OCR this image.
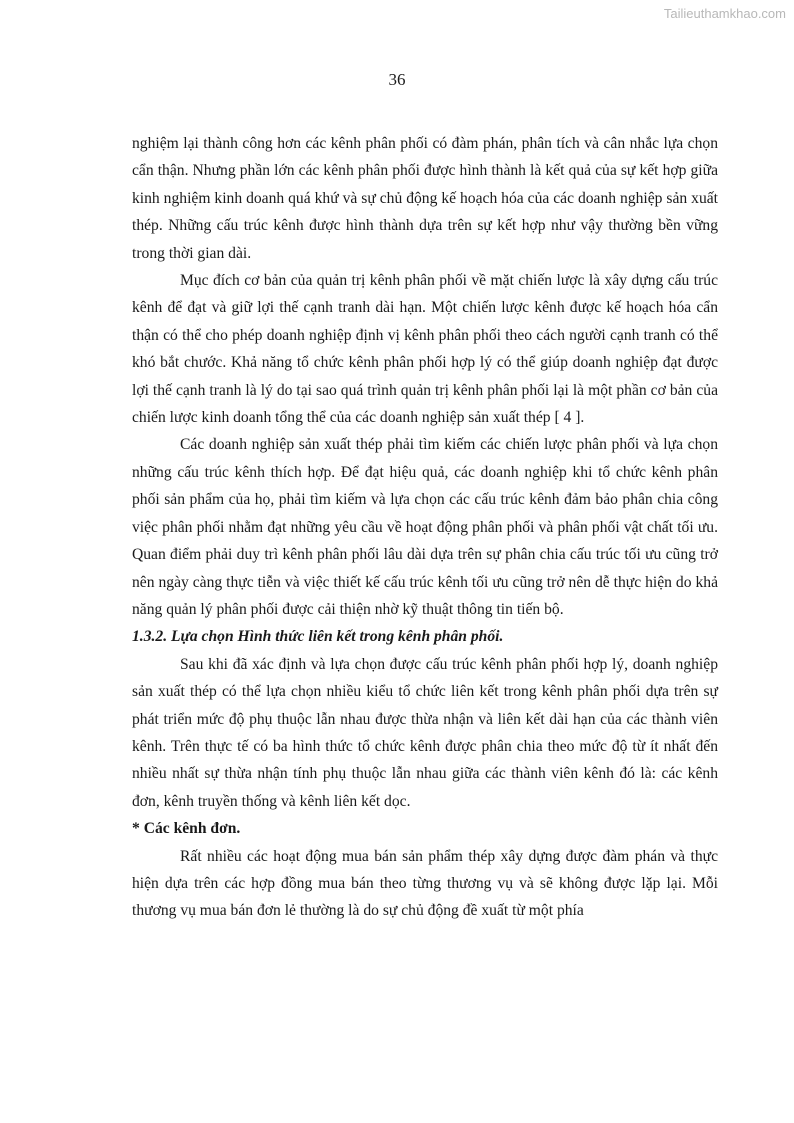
Tailieuthamkhao.com
36

nghiệm lại thành công hơn các kênh phân phối có đàm phán, phân tích và cân nhắc lựa chọn cẩn thận. Nhưng phần lớn các kênh phân phối được hình thành là kết quả của sự kết hợp giữa kinh nghiệm kinh doanh quá khứ và sự chủ động kế hoạch hóa của các doanh nghiệp sản xuất thép. Những cấu trúc kênh được hình thành dựa trên sự kết hợp như vậy thường bền vững trong thời gian dài.

Mục đích cơ bản của quản trị kênh phân phối về mặt chiến lược là xây dựng cấu trúc kênh để đạt và giữ lợi thế cạnh tranh dài hạn. Một chiến lược kênh được kế hoạch hóa cẩn thận có thể cho phép doanh nghiệp định vị kênh phân phối theo cách người cạnh tranh có thể khó bắt chước. Khả năng tổ chức kênh phân phối hợp lý có thể giúp doanh nghiệp đạt được lợi thế cạnh tranh là lý do tại sao quá trình quản trị kênh phân phối lại là một phần cơ bản của chiến lược kinh doanh tổng thể của các doanh nghiệp sản xuất thép [ 4 ].

Các doanh nghiệp sản xuất thép phải tìm kiếm các chiến lược phân phối và lựa chọn những cấu trúc kênh thích hợp. Để đạt hiệu quả, các doanh nghiệp khi tổ chức kênh phân phối sản phẩm của họ, phải tìm kiếm và lựa chọn các cấu trúc kênh đảm bảo phân chia công việc phân phối nhằm đạt những yêu cầu về hoạt động phân phối và phân phối vật chất tối ưu. Quan điểm phải duy trì kênh phân phối lâu dài dựa trên sự phân chia cấu trúc tối ưu cũng trở nên ngày càng thực tiễn và việc thiết kế cấu trúc kênh tối ưu cũng trở nên dễ thực hiện do khả năng quản lý phân phối được cải thiện nhờ kỹ thuật thông tin tiến bộ.

1.3.2. Lựa chọn Hình thức liên kết trong kênh phân phối.

Sau khi đã xác định và lựa chọn được cấu trúc kênh phân phối hợp lý, doanh nghiệp sản xuất thép có thể lựa chọn nhiều kiểu tổ chức liên kết trong kênh phân phối dựa trên sự phát triển mức độ phụ thuộc lẫn nhau được thừa nhận và liên kết dài hạn của các thành viên kênh. Trên thực tế có ba hình thức tổ chức kênh được phân chia theo mức độ từ ít nhất đến nhiều nhất sự thừa nhận tính phụ thuộc lẫn nhau giữa các thành viên kênh đó là: các kênh đơn, kênh truyền thống và kênh liên kết dọc.

* Các kênh đơn.

Rất nhiều các hoạt động mua bán sản phẩm thép xây dựng được đàm phán và thực hiện dựa trên các hợp đồng mua bán theo từng thương vụ và sẽ không được lặp lại. Mỗi thương vụ mua bán đơn lẻ thường là do sự chủ động đề xuất từ một phía
